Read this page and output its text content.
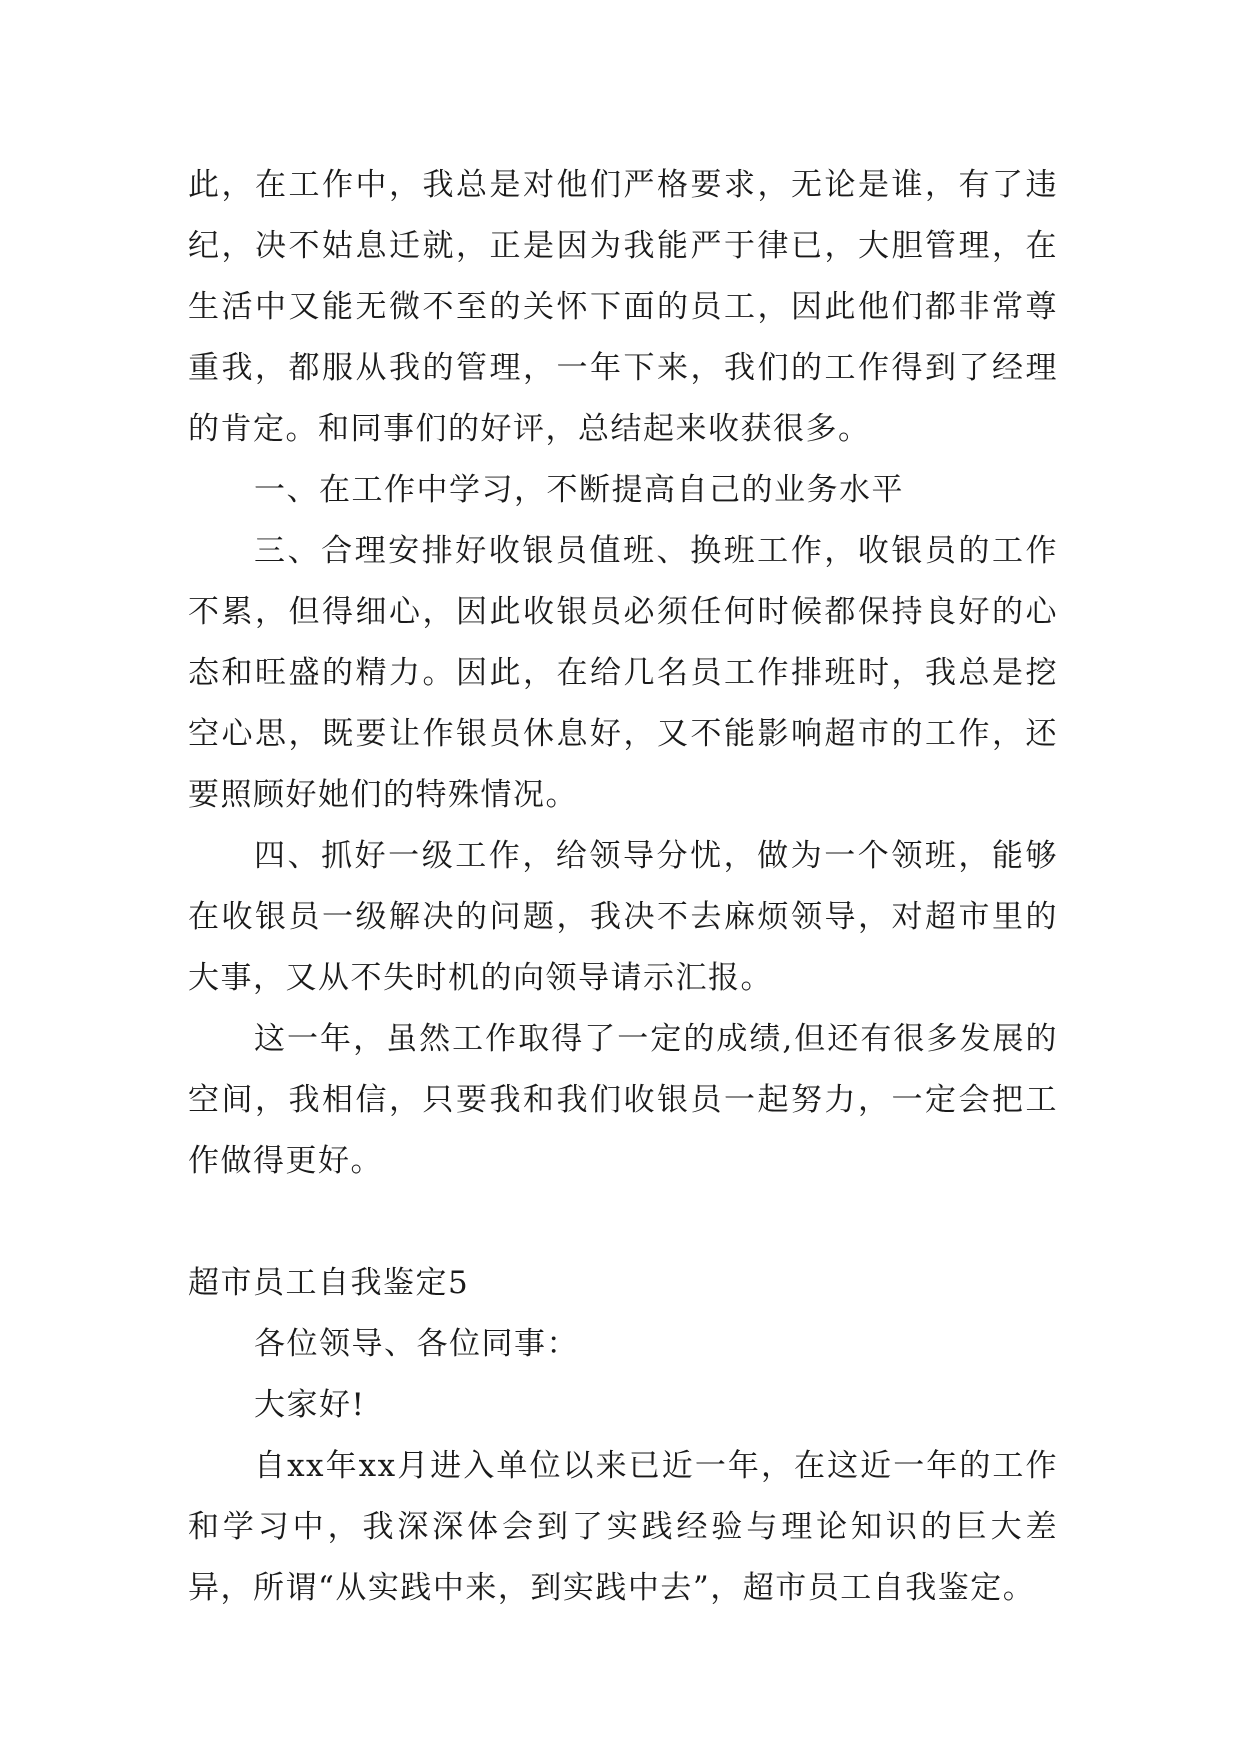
此，在工作中，我总是对他们严格要求，无论是谁，有了违纪，决不姑息迁就，正是因为我能严于律已，大胆管理，在生活中又能无微不至的关怀下面的员工，因此他们都非常尊重我，都服从我的管理，一年下来，我们的工作得到了经理的肯定。和同事们的好评，总结起来收获很多。

一、在工作中学习，不断提高自己的业务水平

三、合理安排好收银员值班、换班工作，收银员的工作不累，但得细心，因此收银员必须任何时候都保持良好的心态和旺盛的精力。因此，在给几名员工作排班时，我总是挖空心思，既要让作银员休息好，又不能影响超市的工作，还要照顾好她们的特殊情况。

四、抓好一级工作，给领导分忧，做为一个领班，能够在收银员一级解决的问题，我决不去麻烦领导，对超市里的大事，又从不失时机的向领导请示汇报。

这一年，虽然工作取得了一定的成绩,但还有很多发展的空间，我相信，只要我和我们收银员一起努力，一定会把工作做得更好。

超市员工自我鉴定5

各位领导、各位同事：

大家好!

自xx年xx月进入单位以来已近一年，在这近一年的工作和学习中，我深深体会到了实践经验与理论知识的巨大差异，所谓“从实践中来，到实践中去”，超市员工自我鉴定。
